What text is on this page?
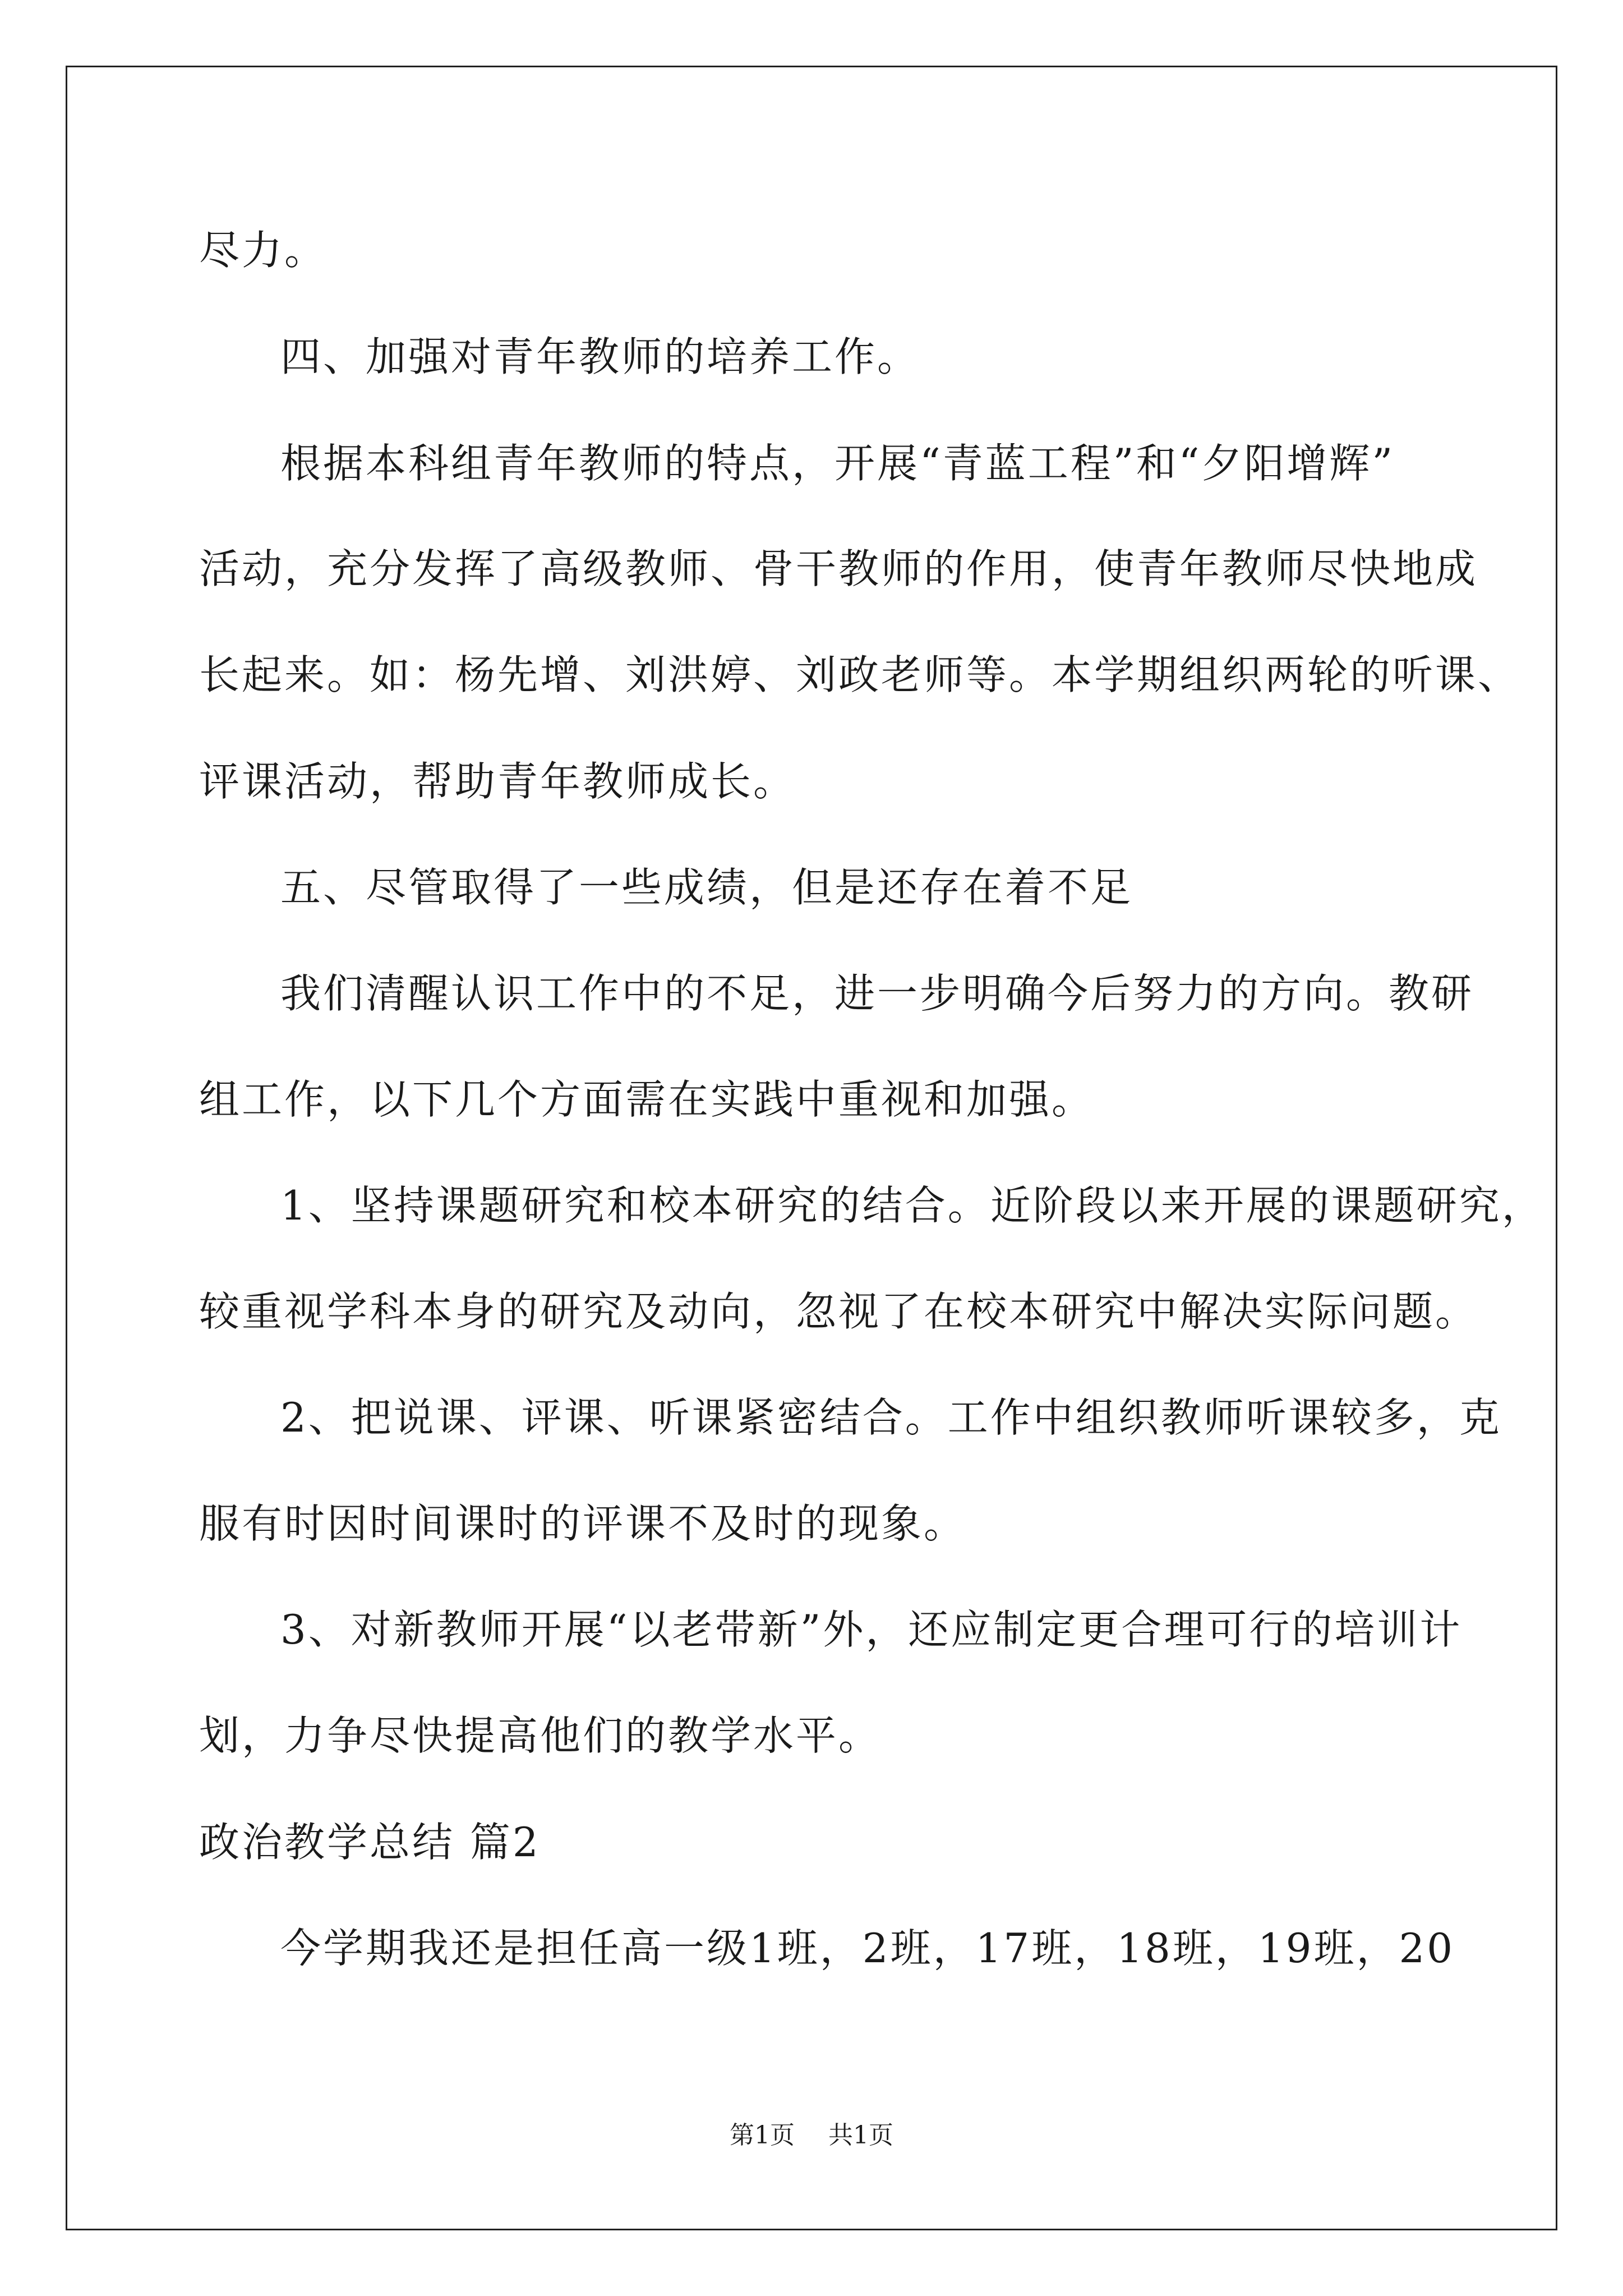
尽力。
四、加强对青年教师的培养工作。
根据本科组青年教师的特点，开展“青蓝工程”和“夕阳增辉”
活动，充分发挥了高级教师、骨干教师的作用，使青年教师尽快地成
长起来。如：杨先增、刘洪婷、刘政老师等。本学期组织两轮的听课、
评课活动，帮助青年教师成长。
五、尽管取得了一些成绩，但是还存在着不足
我们清醒认识工作中的不足，进一步明确今后努力的方向。教研
组工作，以下几个方面需在实践中重视和加强。
1、坚持课题研究和校本研究的结合。近阶段以来开展的课题研究，
较重视学科本身的研究及动向，忽视了在校本研究中解决实际问题。
2、把说课、评课、听课紧密结合。工作中组织教师听课较多，克
服有时因时间课时的评课不及时的现象。
3、对新教师开展“以老带新”外，还应制定更合理可行的培训计
划，力争尽快提高他们的教学水平。
政治教学总结 篇2
今学期我还是担任高一级1班，2班，17班，18班，19班，20
第1页 共1页
